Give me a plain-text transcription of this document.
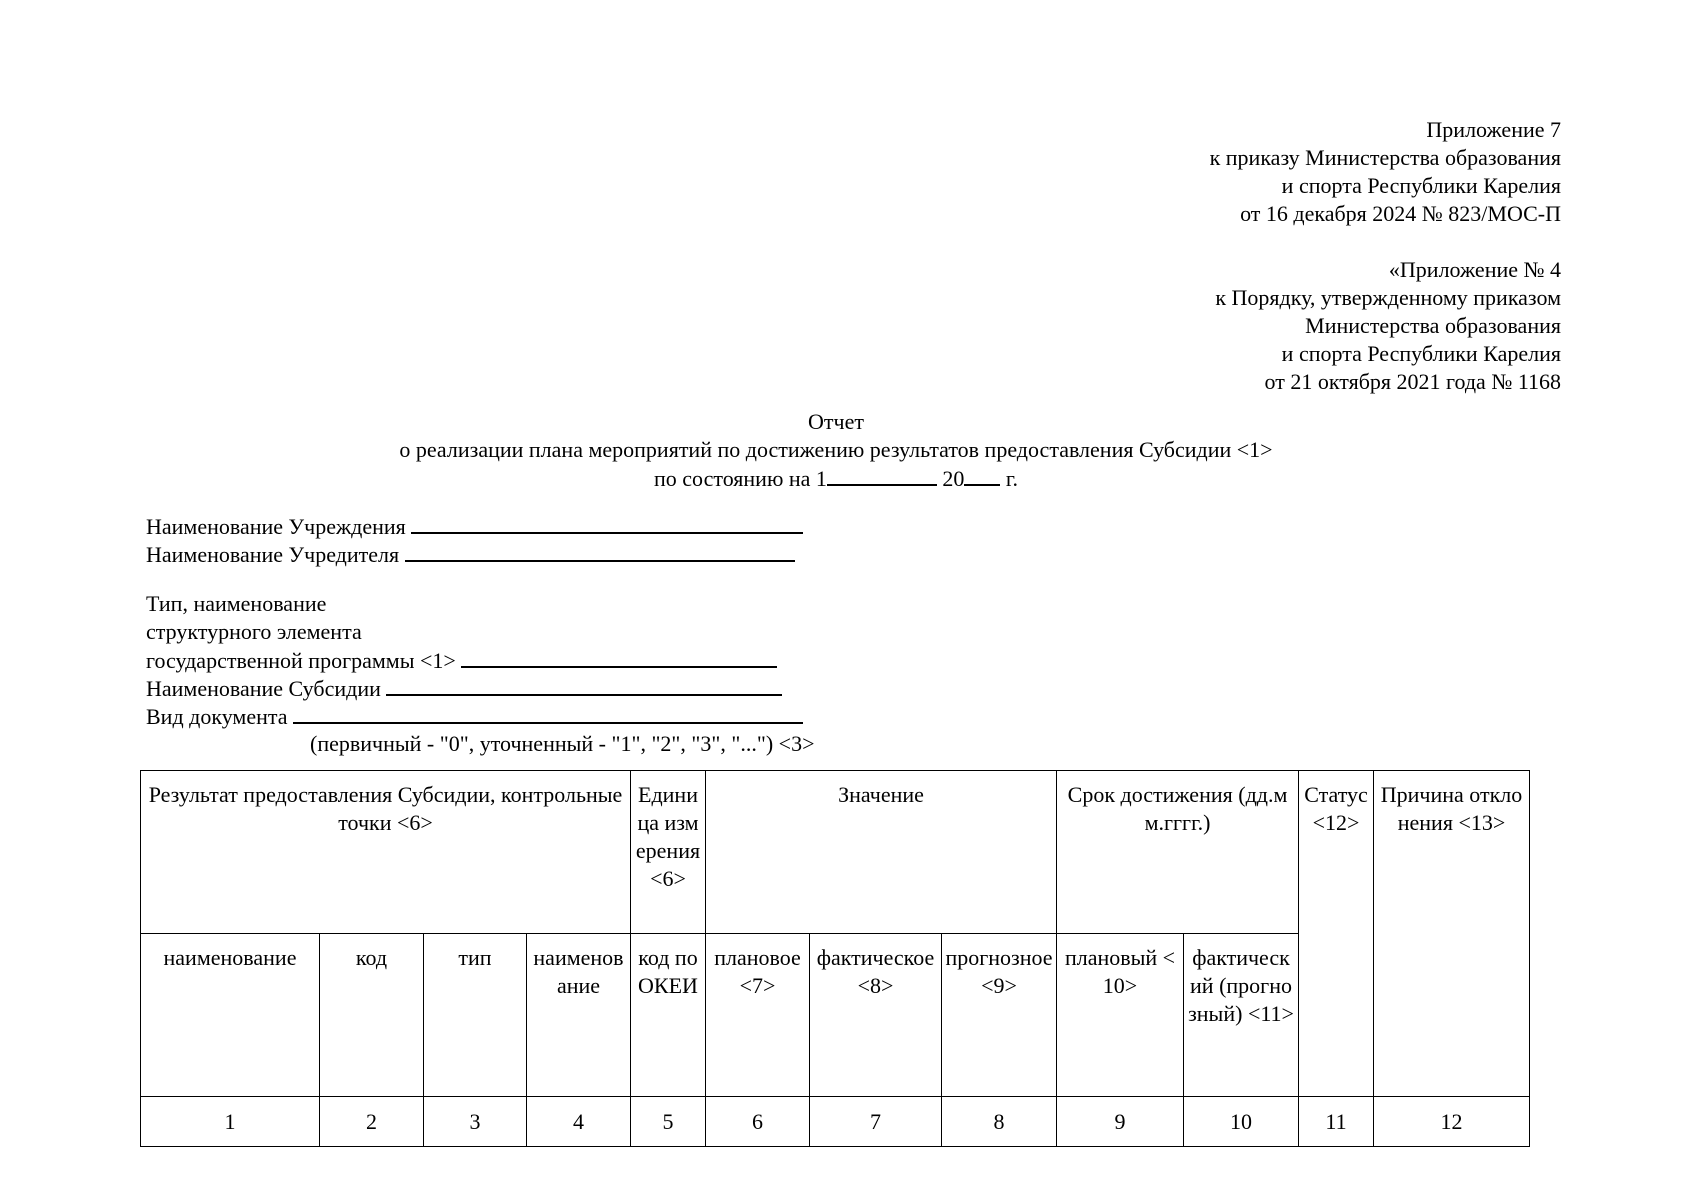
Приложение 7
к приказу Министерства образования
и спорта Республики Карелия
от 16 декабря 2024 № 823/МОС-П
«Приложение № 4
к Порядку, утвержденному приказом
Министерства образования
и спорта Республики Карелия
от 21 октября 2021 года № 1168
Отчет
о реализации плана мероприятий по достижению результатов предоставления Субсидии <1>
по состоянию на 1	20 г.
Наименование Учреждения
Наименование Учредителя
Тип, наименование
структурного элемента
государственной программы <1>
Наименование Субсидии
Вид документа
(первичный - "0", уточненный - "1", "2", "3", "...") <3>
Результат предоставления Субсидии, контрольные точки <6>				Единица измерения <6>	Значение			Срок достижения (дд.мм.гггг.)		Статус <12>	Причина отклонения <13>
наименование	код	тип	наименование	код по ОКЕИ	плановое <7>	фактическое <8>	прогнозное <9>	плановый <10>	фактический (прогнозный) <11>		
1	2	3	4	5	6	7	8	9	10	11	12
